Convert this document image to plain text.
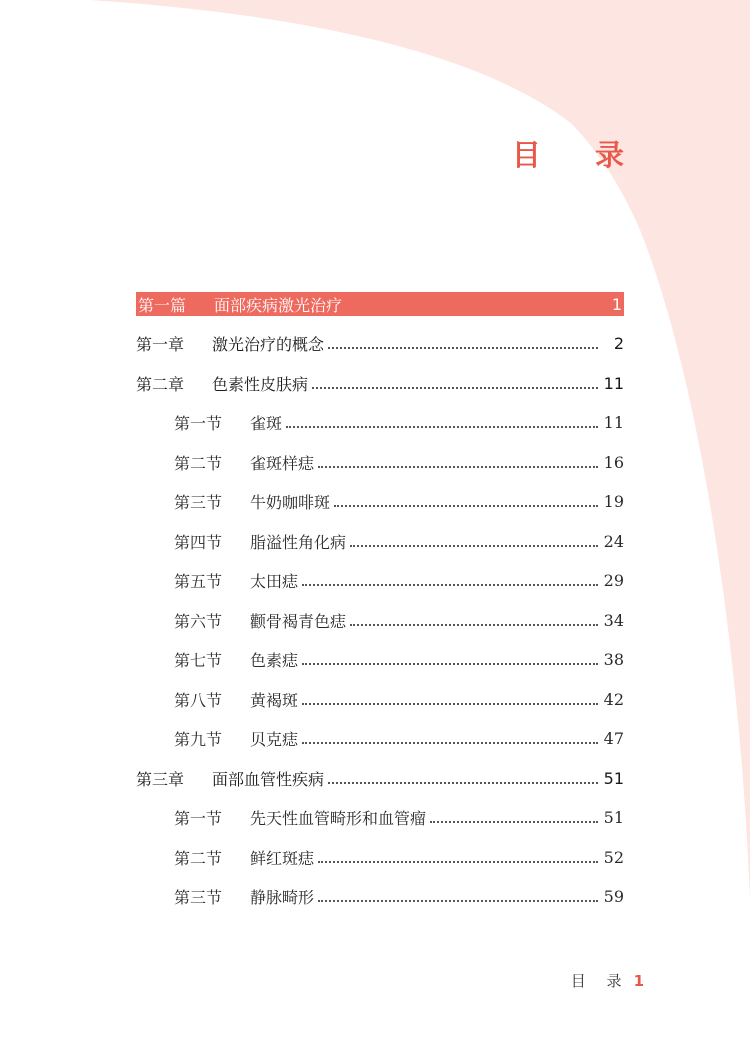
目 录
第一篇	面部疾病激光治疗	1
第一章	激光治疗的概念	2
第二章	色素性皮肤病	11
第一节	雀斑	11
第二节	雀斑样痣	16
第三节	牛奶咖啡斑	19
第四节	脂溢性角化病	24
第五节	太田痣	29
第六节	颧骨褐青色痣	34
第七节	色素痣	38
第八节	黄褐斑	42
第九节	贝克痣	47
第三章	面部血管性疾病	51
第一节	先天性血管畸形和血管瘤	51
第二节	鲜红斑痣	52
第三节	静脉畸形	59
目 录 1
